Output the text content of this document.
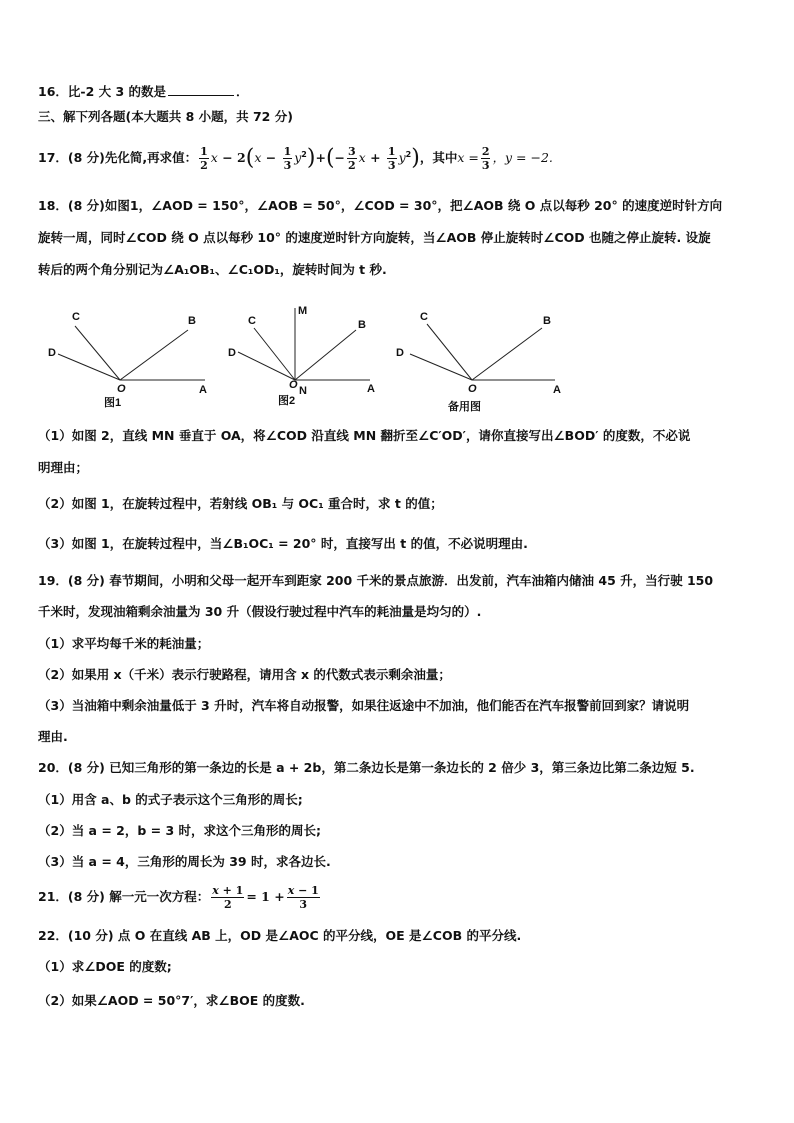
16．比-2 大 3 的数是	．
三、解下列各题(本大题共 8 小题，共 72 分)
17．(8 分)先化简,再求值： $\frac{1}{2}$ $x - 2(x - \frac{1}{3} y^2)+(- \frac{3}{2}$ $x + \frac{1}{3} y^2$)，其中$x = \frac{2}{3}$ ，y = −2.
18．(8 分)如图1，∠AOD = 150°，∠AOB = 50°，∠COD = 30°，把∠AOB 绕 O 点以每秒 20° 的速度逆时针方向
旋转一周，同时∠COD 绕 O 点以每秒 10° 的速度逆时针方向旋转，当∠AOB 停止旋转时∠COD 也随之停止旋转. 设旋
转后的两个角分别记为∠A₁OB₁、∠C₁OD₁，旋转时间为 t 秒.
C
D
B
O	A
图1
M
C
D
B
O N	A
图2
C
D
B
O	A
备用图
（1）如图 2，直线 MN 垂直于 OA，将∠COD 沿直线 MN 翻折至∠C′OD′，请你直接写出∠BOD′ 的度数，不必说
明理由；
（2）如图 1，在旋转过程中，若射线 OB₁ 与 OC₁ 重合时，求 t 的值；
（3）如图 1，在旋转过程中，当∠B₁OC₁ = 20° 时，直接写出 t 的值，不必说明理由.
19．(8 分) 春节期间，小明和父母一起开车到距家 200 千米的景点旅游．出发前，汽车油箱内储油 45 升，当行驶 150
千米时，发现油箱剩余油量为 30 升（假设行驶过程中汽车的耗油量是均匀的）.
（1）求平均每千米的耗油量；
（2）如果用 x（千米）表示行驶路程，请用含 x 的代数式表示剩余油量；
（3）当油箱中剩余油量低于 3 升时，汽车将自动报警，如果往返途中不加油，他们能否在汽车报警前回到家？请说明
理由.
20．(8 分) 已知三角形的第一条边的长是 a + 2b，第二条边长是第一条边长的 2 倍少 3，第三条边比第二条边短 5.
（1）用含 a、b 的式子表示这个三角形的周长;
（2）当 a = 2，b = 3 时，求这个三角形的周长;
（3）当 a = 4，三角形的周长为 39 时，求各边长.
21．(8 分) 解一元一次方程： $\frac{x + 1}{2} = 1 + \frac{x - 1}{3}$
22．(10 分) 点 O 在直线 AB 上，OD 是∠AOC 的平分线，OE 是∠COB 的平分线.
（1）求∠DOE 的度数;
（2）如果∠AOD = 50°7′，求∠BOE 的度数.
